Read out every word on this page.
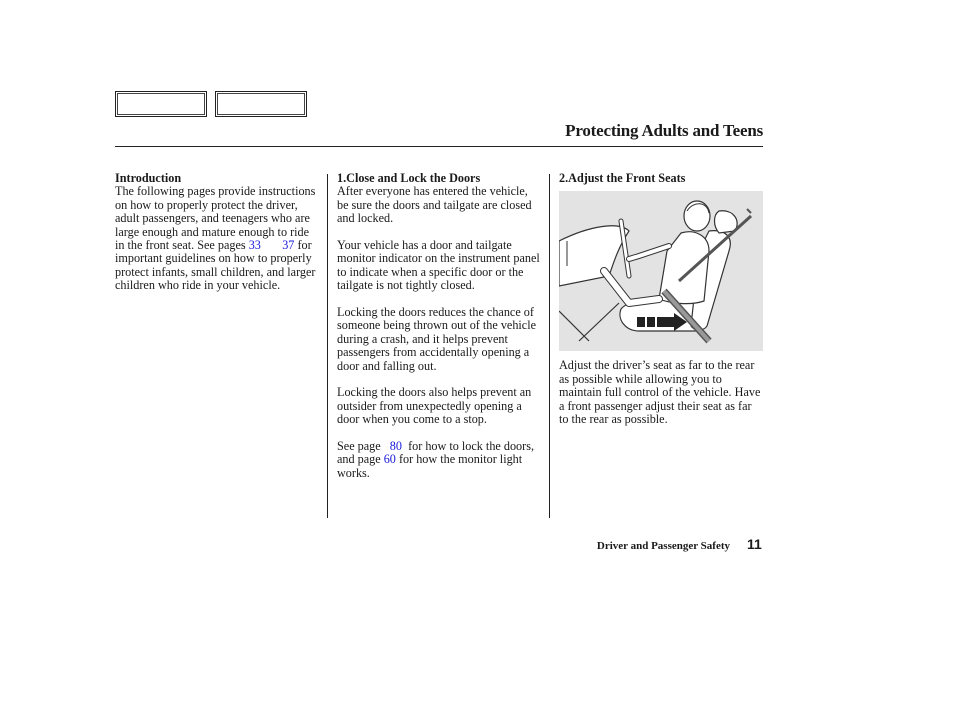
Protecting Adults and Teens
Introduction

The following pages provide instructions on how to properly protect the driver, adult passengers, and teenagers who are large enough and mature enough to ride in the front seat. See pages 33 37 for important guidelines on how to properly protect infants, small children, and larger children who ride in your vehicle.

1.Close and Lock the Doors

After everyone has entered the vehicle, be sure the doors and tailgate are closed and locked.

Your vehicle has a door and tailgate monitor indicator on the instrument panel to indicate when a specific door or the tailgate is not tightly closed.

Locking the doors reduces the chance of someone being thrown out of the vehicle during a crash, and it helps prevent passengers from accidentally opening a door and falling out.

Locking the doors also helps prevent an outsider from unexpectedly opening a door when you come to a stop.

See page   80  for how to lock the doors, and page 60 for how the monitor light works.

2.Adjust the Front Seats

Adjust the driver’s seat as far to the rear as possible while allowing you to maintain full control of the vehicle. Have a front passenger adjust their seat as far to the rear as possible.

Driver and Passenger Safety 11
